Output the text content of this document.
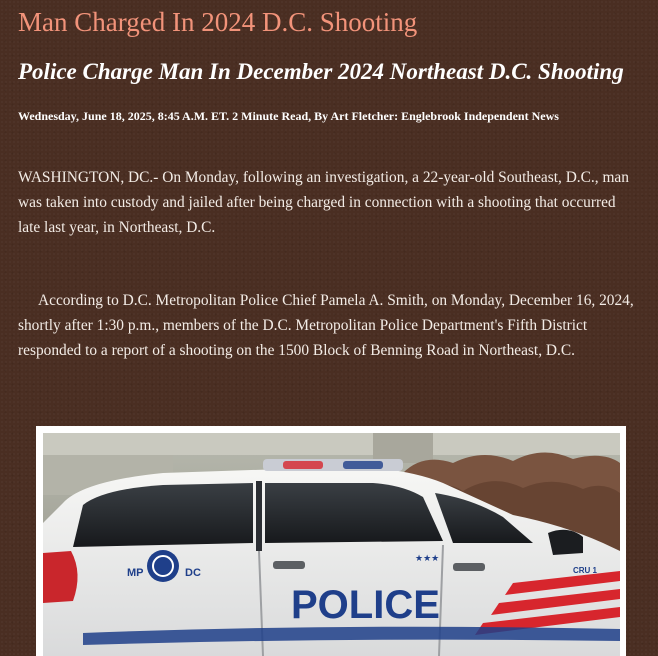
Man Charged In 2024 D.C. Shooting
Police Charge Man In December 2024 Northeast D.C. Shooting
Wednesday, June 18, 2025, 8:45 A.M. ET. 2 Minute Read, By Art Fletcher: Englebrook Independent News

WASHINGTON, DC.- On Monday, following an investigation, a 22-year-old Southeast, D.C., man was taken into custody and jailed after being charged in connection with a shooting that occurred late last year, in Northeast, D.C.

According to D.C. Metropolitan Police Chief Pamela A. Smith, on Monday, December 16, 2024, shortly after 1:30 p.m., members of the D.C. Metropolitan Police Department's Fifth District responded to a report of a shooting on the 1500 Block of Benning Road in Northeast, D.C.

MP	DC
★★★
CRU 1
POLICE
